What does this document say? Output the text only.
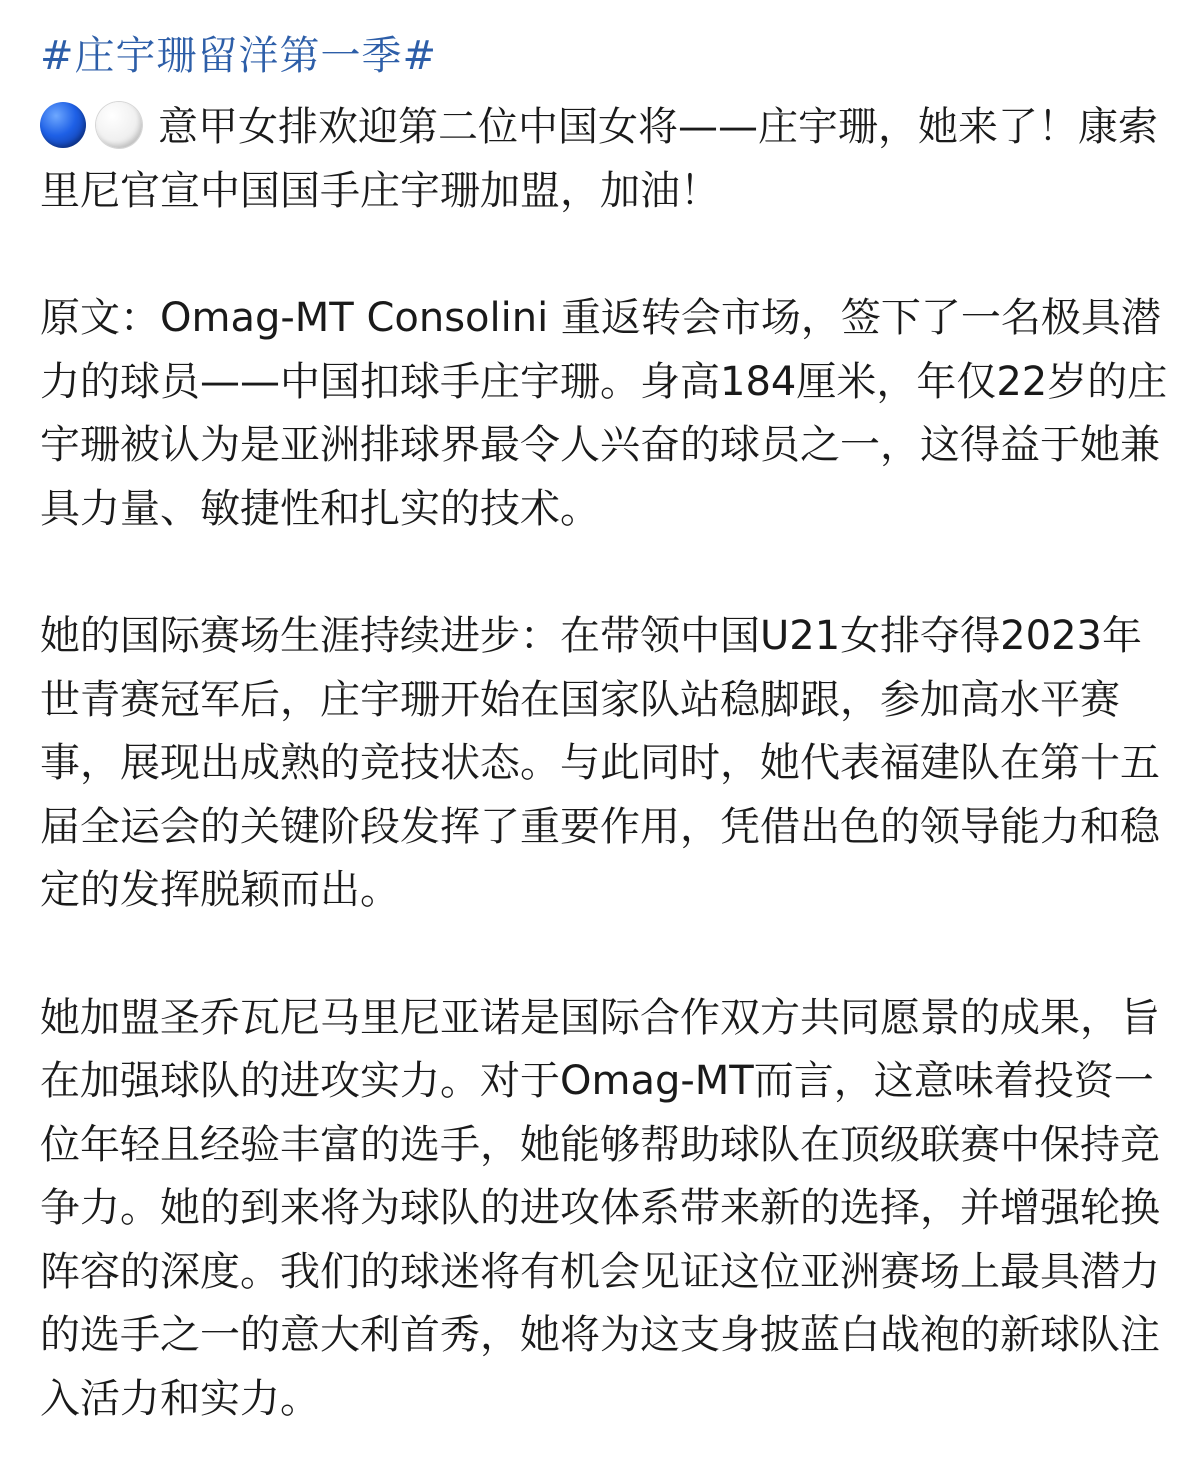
#庄宇珊留洋第一季#

意甲女排欢迎第二位中国女将——庄宇珊，她来了！康索里尼官宣中国国手庄宇珊加盟，加油！

原文：Omag-MT Consolini 重返转会市场，签下了一名极具潜力的球员——中国扣球手庄宇珊。身高184厘米，年仅22岁的庄宇珊被认为是亚洲排球界最令人兴奋的球员之一，这得益于她兼具力量、敏捷性和扎实的技术。

她的国际赛场生涯持续进步：在带领中国U21女排夺得2023年世青赛冠军后，庄宇珊开始在国家队站稳脚跟，参加高水平赛事，展现出成熟的竞技状态。与此同时，她代表福建队在第十五届全运会的关键阶段发挥了重要作用，凭借出色的领导能力和稳定的发挥脱颖而出。

她加盟圣乔瓦尼马里尼亚诺是国际合作双方共同愿景的成果，旨在加强球队的进攻实力。对于Omag-MT而言，这意味着投资一位年轻且经验丰富的选手，她能够帮助球队在顶级联赛中保持竞争力。她的到来将为球队的进攻体系带来新的选择，并增强轮换阵容的深度。我们的球迷将有机会见证这位亚洲赛场上最具潜力的选手之一的意大利首秀，她将为这支身披蓝白战袍的新球队注入活力和实力。
